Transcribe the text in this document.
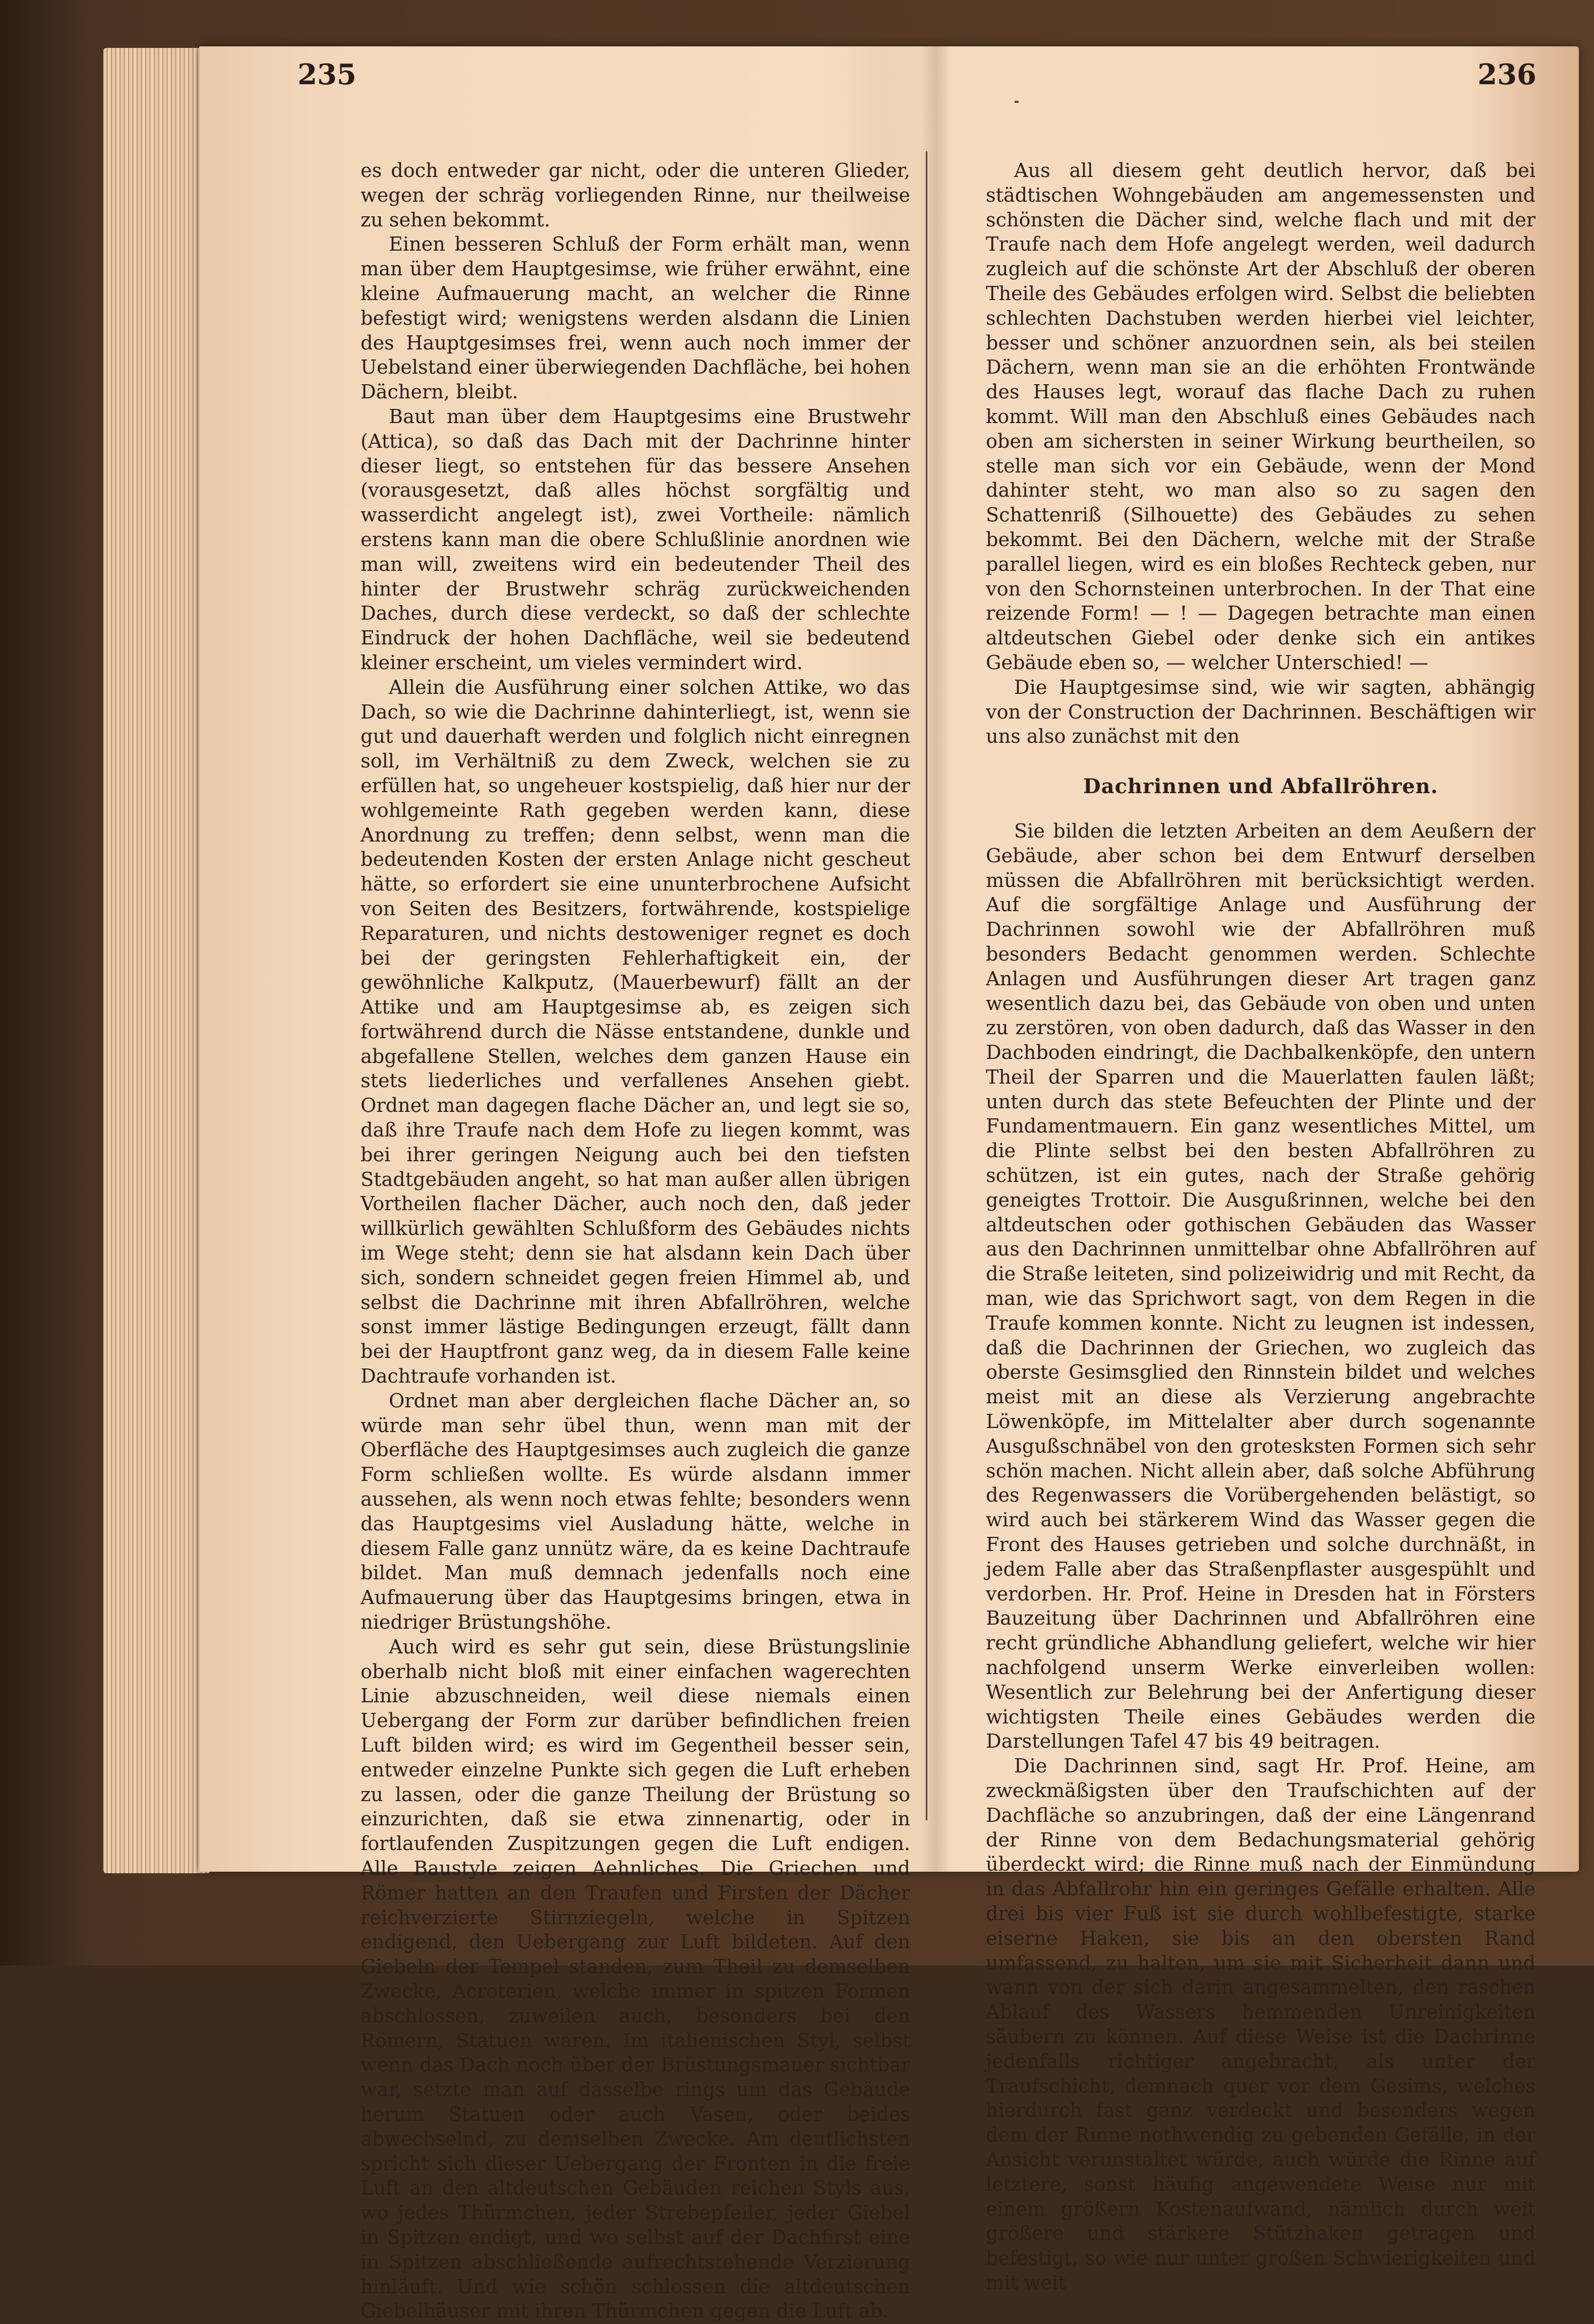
235	236

es doch entweder gar nicht, oder die unteren Glieder, wegen der schräg vorliegenden Rinne, nur theilweise zu sehen bekommt.

Einen besseren Schluß der Form erhält man, wenn man über dem Hauptgesimse, wie früher erwähnt, eine kleine Aufmauerung macht, an welcher die Rinne befestigt wird; wenigstens werden alsdann die Linien des Hauptgesimses frei, wenn auch noch immer der Uebelstand einer überwiegenden Dachfläche, bei hohen Dächern, bleibt.

Baut man über dem Hauptgesims eine Brustwehr (Attica), so daß das Dach mit der Dachrinne hinter dieser liegt, so entstehen für das bessere Ansehen (vorausgesetzt, daß alles höchst sorgfältig und wasserdicht angelegt ist), zwei Vortheile: nämlich erstens kann man die obere Schlußlinie anordnen wie man will, zweitens wird ein bedeutender Theil des hinter der Brustwehr schräg zurückweichenden Daches, durch diese verdeckt, so daß der schlechte Eindruck der hohen Dachfläche, weil sie bedeutend kleiner erscheint, um vieles vermindert wird.

Allein die Ausführung einer solchen Attike, wo das Dach, so wie die Dachrinne dahinterliegt, ist, wenn sie gut und dauerhaft werden und folglich nicht einregnen soll, im Verhältniß zu dem Zweck, welchen sie zu erfüllen hat, so ungeheuer kostspielig, daß hier nur der wohlgemeinte Rath gegeben werden kann, diese Anordnung zu treffen; denn selbst, wenn man die bedeutenden Kosten der ersten Anlage nicht gescheut hätte, so erfordert sie eine ununterbrochene Aufsicht von Seiten des Besitzers, fortwährende, kostspielige Reparaturen, und nichts destoweniger regnet es doch bei der geringsten Fehlerhaftigkeit ein, der gewöhnliche Kalkputz, (Mauerbewurf) fällt an der Attike und am Hauptgesimse ab, es zeigen sich fortwährend durch die Nässe entstandene, dunkle und abgefallene Stellen, welches dem ganzen Hause ein stets liederliches und verfallenes Ansehen giebt. Ordnet man dagegen flache Dächer an, und legt sie so, daß ihre Traufe nach dem Hofe zu liegen kommt, was bei ihrer geringen Neigung auch bei den tiefsten Stadtgebäuden angeht, so hat man außer allen übrigen Vortheilen flacher Dächer, auch noch den, daß jeder willkürlich gewählten Schlußform des Gebäudes nichts im Wege steht; denn sie hat alsdann kein Dach über sich, sondern schneidet gegen freien Himmel ab, und selbst die Dachrinne mit ihren Abfallröhren, welche sonst immer lästige Bedingungen erzeugt, fällt dann bei der Hauptfront ganz weg, da in diesem Falle keine Dachtraufe vorhanden ist.

Ordnet man aber dergleichen flache Dächer an, so würde man sehr übel thun, wenn man mit der Oberfläche des Hauptgesimses auch zugleich die ganze Form schließen wollte. Es würde alsdann immer aussehen, als wenn noch etwas fehlte; besonders wenn das Hauptgesims viel Ausladung hätte, welche in diesem Falle ganz unnütz wäre, da es keine Dachtraufe bildet. Man muß demnach jedenfalls noch eine Aufmauerung über das Hauptgesims bringen, etwa in niedriger Brüstungshöhe.

Auch wird es sehr gut sein, diese Brüstungslinie oberhalb nicht bloß mit einer einfachen wagerechten Linie abzuschneiden, weil diese niemals einen Uebergang der Form zur darüber befindlichen freien Luft bilden wird; es wird im Gegentheil besser sein, entweder einzelne Punkte sich gegen die Luft erheben zu lassen, oder die ganze Theilung der Brüstung so einzurichten, daß sie etwa zinnenartig, oder in fortlaufenden Zuspitzungen gegen die Luft endigen. Alle Baustyle zeigen Aehnliches. Die Griechen und Römer hatten an den Traufen und Firsten der Dächer reichverzierte Stirnziegeln, welche in Spitzen endigend, den Uebergang zur Luft bildeten. Auf den Giebeln der Tempel standen, zum Theil zu demselben Zwecke, Acroterien, welche immer in spitzen Formen abschlossen, zuweilen auch, besonders bei den Römern, Statuen waren. Im italienischen Styl, selbst wenn das Dach noch über der Brüstungsmauer sichtbar war, setzte man auf dasselbe rings um das Gebäude herum Statuen oder auch Vasen, oder beides abwechselnd, zu demselben Zwecke. Am deutlichsten spricht sich dieser Uebergang der Fronten in die freie Luft an den altdeutschen Gebäuden reichen Styls aus, wo jedes Thürmchen, jeder Strebepfeiler, jeder Giebel in Spitzen endigt, und wo selbst auf der Dachfirst eine in Spitzen abschließende aufrechtstehende Verzierung hinläuft. Und wie schön schlossen die altdeutschen Giebelhäuser mit ihren Thürmchen gegen die Luft ab.

Aus all diesem geht deutlich hervor, daß bei städtischen Wohngebäuden am angemessensten und schönsten die Dächer sind, welche flach und mit der Traufe nach dem Hofe angelegt werden, weil dadurch zugleich auf die schönste Art der Abschluß der oberen Theile des Gebäudes erfolgen wird. Selbst die beliebten schlechten Dachstuben werden hierbei viel leichter, besser und schöner anzuordnen sein, als bei steilen Dächern, wenn man sie an die erhöhten Frontwände des Hauses legt, worauf das flache Dach zu ruhen kommt. Will man den Abschluß eines Gebäudes nach oben am sichersten in seiner Wirkung beurtheilen, so stelle man sich vor ein Gebäude, wenn der Mond dahinter steht, wo man also so zu sagen den Schattenriß (Silhouette) des Gebäudes zu sehen bekommt. Bei den Dächern, welche mit der Straße parallel liegen, wird es ein bloßes Rechteck geben, nur von den Schornsteinen unterbrochen. In der That eine reizende Form! — ! — Dagegen betrachte man einen altdeutschen Giebel oder denke sich ein antikes Gebäude eben so, — welcher Unterschied! —

Die Hauptgesimse sind, wie wir sagten, abhängig von der Construction der Dachrinnen. Beschäftigen wir uns also zunächst mit den

Dachrinnen und Abfallröhren.

Sie bilden die letzten Arbeiten an dem Aeußern der Gebäude, aber schon bei dem Entwurf derselben müssen die Abfallröhren mit berücksichtigt werden. Auf die sorgfältige Anlage und Ausführung der Dachrinnen sowohl wie der Abfallröhren muß besonders Bedacht genommen werden. Schlechte Anlagen und Ausführungen dieser Art tragen ganz wesentlich dazu bei, das Gebäude von oben und unten zu zerstören, von oben dadurch, daß das Wasser in den Dachboden eindringt, die Dachbalkenköpfe, den untern Theil der Sparren und die Mauerlatten faulen läßt; unten durch das stete Befeuchten der Plinte und der Fundamentmauern. Ein ganz wesentliches Mittel, um die Plinte selbst bei den besten Abfallröhren zu schützen, ist ein gutes, nach der Straße gehörig geneigtes Trottoir. Die Ausgußrinnen, welche bei den altdeutschen oder gothischen Gebäuden das Wasser aus den Dachrinnen unmittelbar ohne Abfallröhren auf die Straße leiteten, sind polizeiwidrig und mit Recht, da man, wie das Sprichwort sagt, von dem Regen in die Traufe kommen konnte. Nicht zu leugnen ist indessen, daß die Dachrinnen der Griechen, wo zugleich das oberste Gesimsglied den Rinnstein bildet und welches meist mit an diese als Verzierung angebrachte Löwenköpfe, im Mittelalter aber durch sogenannte Ausgußschnäbel von den grotesksten Formen sich sehr schön machen. Nicht allein aber, daß solche Abführung des Regenwassers die Vorübergehenden belästigt, so wird auch bei stärkerem Wind das Wasser gegen die Front des Hauses getrieben und solche durchnäßt, in jedem Falle aber das Straßenpflaster ausgespühlt und verdorben. Hr. Prof. Heine in Dresden hat in Försters Bauzeitung über Dachrinnen und Abfallröhren eine recht gründliche Abhandlung geliefert, welche wir hier nachfolgend unserm Werke einverleiben wollen: Wesentlich zur Belehrung bei der Anfertigung dieser wichtigsten Theile eines Gebäudes werden die Darstellungen Tafel 47 bis 49 beitragen.

Die Dachrinnen sind, sagt Hr. Prof. Heine, am zweckmäßigsten über den Traufschichten auf der Dachfläche so anzubringen, daß der eine Längenrand der Rinne von dem Bedachungsmaterial gehörig überdeckt wird; die Rinne muß nach der Einmündung in das Abfallrohr hin ein geringes Gefälle erhalten. Alle drei bis vier Fuß ist sie durch wohlbefestigte, starke eiserne Haken, sie bis an den obersten Rand umfassend, zu halten, um sie mit Sicherheit dann und wann von der sich darin angesammelten, den raschen Ablauf des Wassers hemmenden Unreinigkeiten säubern zu können. Auf diese Weise ist die Dachrinne jedenfalls richtiger angebracht, als unter der Traufschicht, demnach quer vor dem Gesims, welches hierdurch fast ganz verdeckt und besonders wegen dem der Rinne nothwendig zu gebenden Gefälle, in der Ansicht verunstaltet würde, auch würde die Rinne auf letztere, sonst häufig angewendete Weise nur mit einem größern Kostenaufwand, nämlich durch weit größere und stärkere Stützhaken getragen und befestigt, so wie nur unter großen Schwierigkeiten und mit weit
